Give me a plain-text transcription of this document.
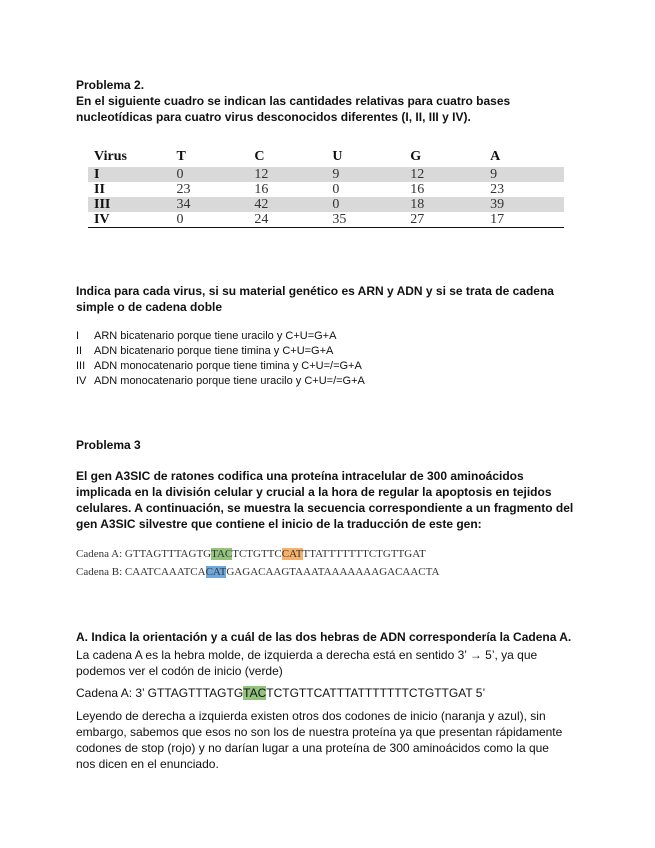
Problema 2.
En el siguiente cuadro se indican las cantidades relativas para cuatro bases nucleotídicas para cuatro virus desconocidos diferentes (I, II, III y IV).
Virus	T	C	U	G	A
I	0	12	9	12	9
II	23	16	0	16	23
III	34	42	0	18	39
IV	0	24	35	27	17
Indica para cada virus, si su material genético es ARN y ADN y si se trata de cadena simple o de cadena doble
I	ARN bicatenario porque tiene uracilo y C+U=G+A
II	ADN bicatenario porque tiene timina y C+U=G+A
III ADN monocatenario porque tiene timina y C+U=/=G+A
IV ADN monocatenario porque tiene uracilo y C+U=/=G+A
Problema 3
El gen A3SIC de ratones codifica una proteína intracelular de 300 aminoácidos implicada en la división celular y crucial a la hora de regular la apoptosis en tejidos celulares. A continuación, se muestra la secuencia correspondiente a un fragmento del gen A3SIC silvestre que contiene el inicio de la traducción de este gen:
Cadena A: GTTAGTTTAGTGTACTCTGTTCCATTTATTTTTTTCTGTTGAT
Cadena B: CAATCAAATCACATGAGACAAGTAAATAAAAAAAGACAACTA
A. Indica la orientación y a cuál de las dos hebras de ADN correspondería la Cadena A.
La cadena A es la hebra molde, de izquierda a derecha está en sentido 3’ → 5’, ya que podemos ver el codón de inicio (verde)
Cadena A: 3’ GTTAGTTTAGTGTACTCTGTTCATTTATTTTTTTCTGTTGAT 5’
Leyendo de derecha a izquierda existen otros dos codones de inicio (naranja y azul), sin embargo, sabemos que esos no son los de nuestra proteína ya que presentan rápidamente codones de stop (rojo) y no darían lugar a una proteína de 300 aminoácidos como la que nos dicen en el enunciado.
